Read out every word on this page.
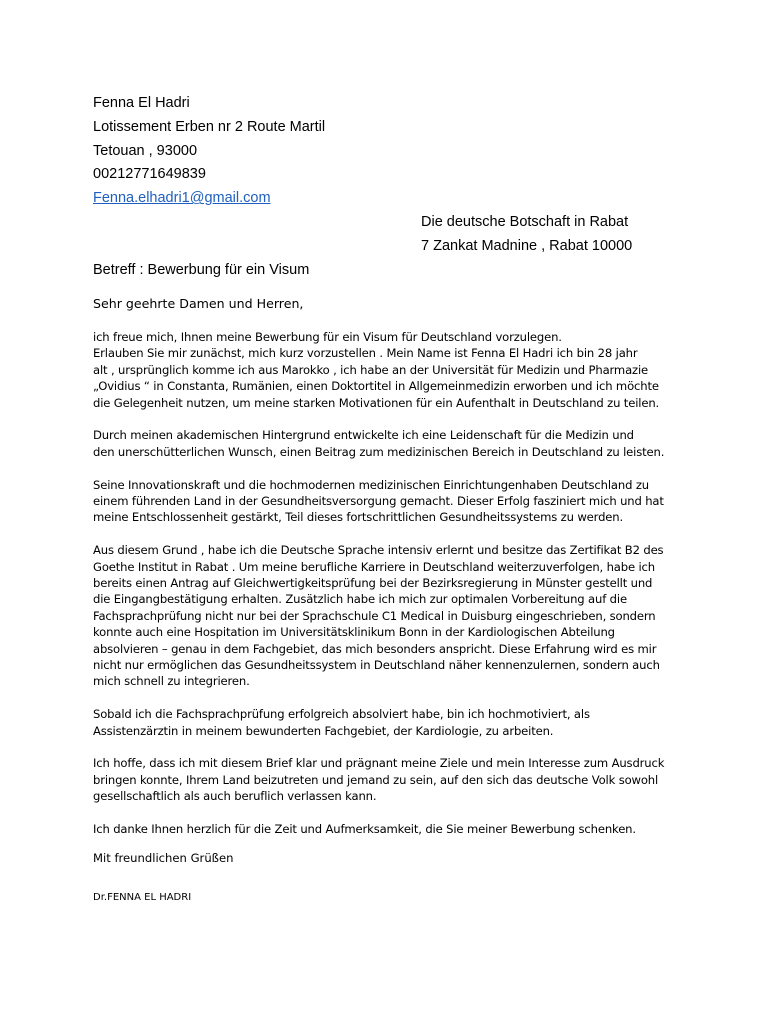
Fenna El Hadri
Lotissement Erben nr 2 Route Martil
Tetouan , 93000
00212771649839
Fenna.elhadri1@gmail.com
Die deutsche Botschaft in Rabat
7 Zankat Madnine , Rabat 10000
Betreff : Bewerbung für ein Visum
Sehr geehrte Damen und Herren,

ich freue mich, Ihnen meine Bewerbung für ein Visum für Deutschland vorzulegen.
Erlauben Sie mir zunächst, mich kurz vorzustellen . Mein Name ist Fenna El Hadri ich bin 28 jahr
alt , ursprünglich komme ich aus Marokko , ich habe an der Universität für Medizin und Pharmazie
„Ovidius “ in Constanta, Rumänien, einen Doktortitel in Allgemeinmedizin erworben und ich möchte
die Gelegenheit nutzen, um meine starken Motivationen für ein Aufenthalt in Deutschland zu teilen.

Durch meinen akademischen Hintergrund entwickelte ich eine Leidenschaft für die Medizin und
den unerschütterlichen Wunsch, einen Beitrag zum medizinischen Bereich in Deutschland zu leisten.

Seine Innovationskraft und die hochmodernen medizinischen Einrichtungenhaben Deutschland zu
einem führenden Land in der Gesundheitsversorgung gemacht. Dieser Erfolg fasziniert mich und hat
meine Entschlossenheit gestärkt, Teil dieses fortschrittlichen Gesundheitssystems zu werden.

Aus diesem Grund , habe ich die Deutsche Sprache intensiv erlernt und besitze das Zertifikat B2 des
Goethe Institut in Rabat . Um meine berufliche Karriere in Deutschland weiterzuverfolgen, habe ich
bereits einen Antrag auf Gleichwertigkeitsprüfung bei der Bezirksregierung in Münster gestellt und
die Eingangbestätigung erhalten. Zusätzlich habe ich mich zur optimalen Vorbereitung auf die
Fachsprachprüfung nicht nur bei der Sprachschule C1 Medical in Duisburg eingeschrieben, sondern
konnte auch eine Hospitation im Universitätsklinikum Bonn in der Kardiologischen Abteilung
absolvieren – genau in dem Fachgebiet, das mich besonders anspricht. Diese Erfahrung wird es mir
nicht nur ermöglichen das Gesundheitssystem in Deutschland näher kennenzulernen, sondern auch
mich schnell zu integrieren.

Sobald ich die Fachsprachprüfung erfolgreich absolviert habe, bin ich hochmotiviert, als
Assistenzärztin in meinem bewunderten Fachgebiet, der Kardiologie, zu arbeiten.

Ich hoffe, dass ich mit diesem Brief klar und prägnant meine Ziele und mein Interesse zum Ausdruck
bringen konnte, Ihrem Land beizutreten und jemand zu sein, auf den sich das deutsche Volk sowohl
gesellschaftlich als auch beruflich verlassen kann.

Ich danke Ihnen herzlich für die Zeit und Aufmerksamkeit, die Sie meiner Bewerbung schenken.

Mit freundlichen Grüßen
Dr.FENNA EL HADRI
